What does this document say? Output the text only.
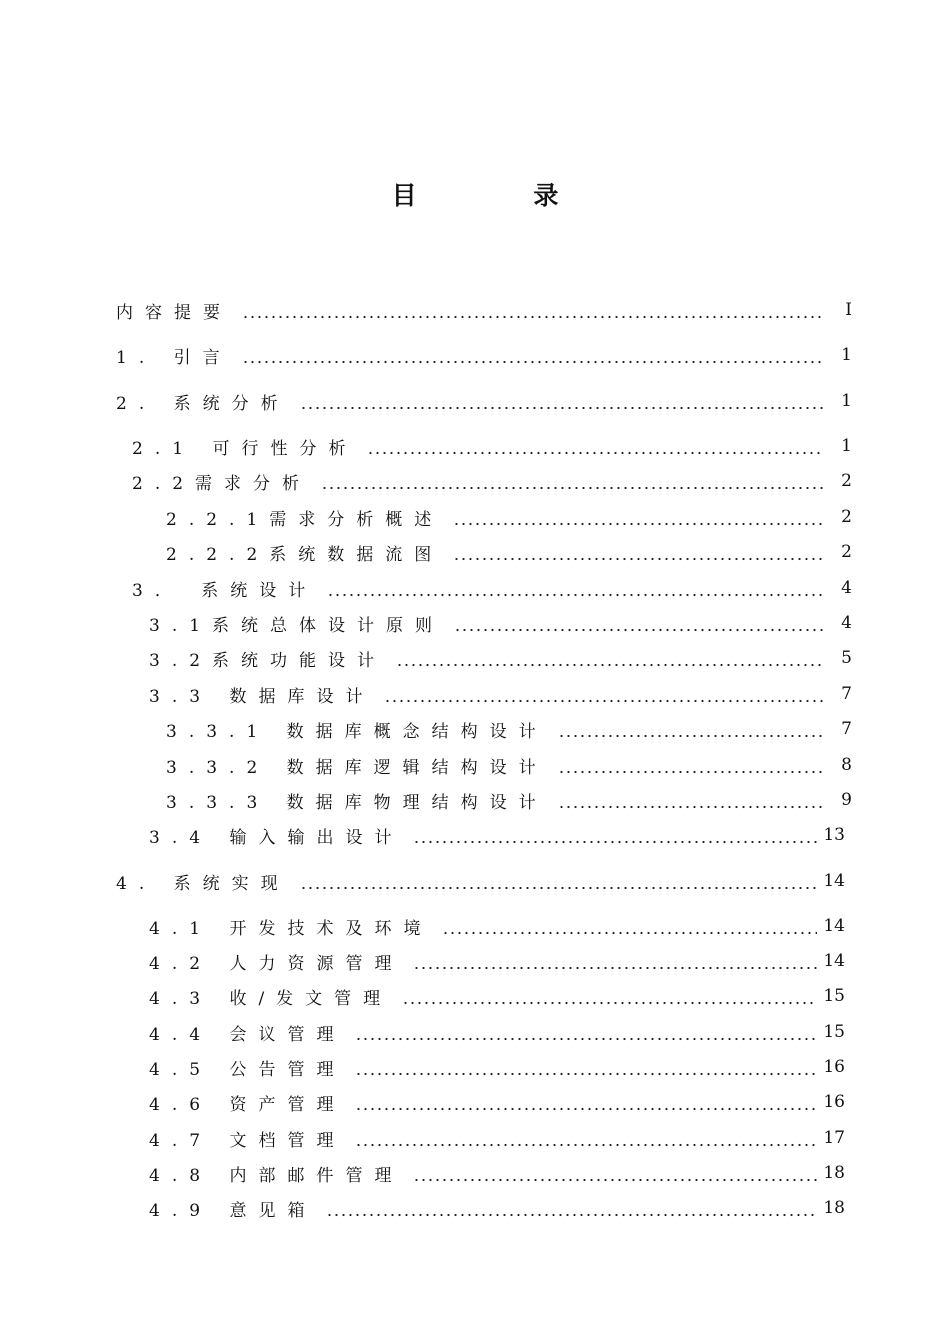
目 录
内容提要	I
1. 引言	1
2. 系统分析	1
2.1 可行性分析	1
2.2需求分析	2
2.2.1需求分析概述	2
2.2.2系统数据流图	2
3． 系统设计	4
3.1系统总体设计原则	4
3.2系统功能设计	5
3.3 数据库设计	7
3.3.1 数据库概念结构设计	7
3.3.2 数据库逻辑结构设计	8
3.3.3 数据库物理结构设计	9
3.4 输入输出设计	13
4. 系统实现	14
4.1 开发技术及环境	14
4.2 人力资源管理	14
4.3 收/发文管理	15
4.4 会议管理	15
4.5 公告管理	16
4.6 资产管理	16
4.7 文档管理	17
4.8 内部邮件管理	18
4.9 意见箱	18
